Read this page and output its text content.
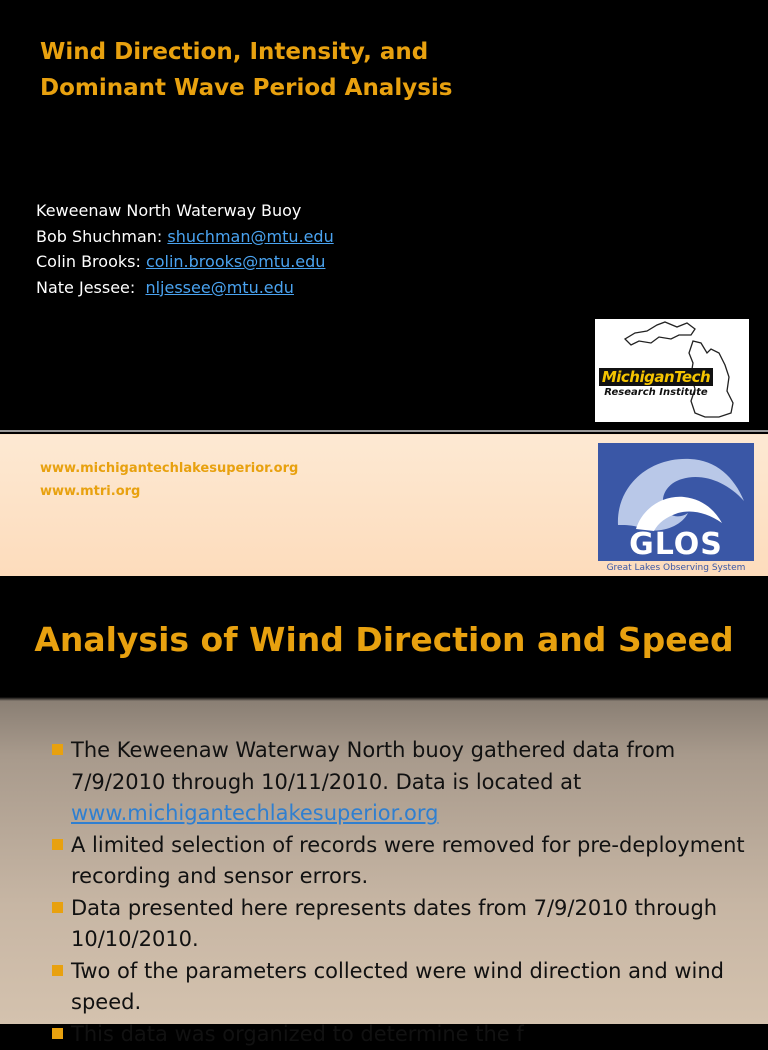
Wind Direction, Intensity, and
Dominant Wave Period Analysis
Keweenaw North Waterway Buoy
Bob Shuchman: shuchman@mtu.edu
Colin Brooks: colin.brooks@mtu.edu
Nate Jessee:  nljessee@mtu.edu
MichiganTech
Research Institute
www.michigantechlakesuperior.org
www.mtri.org
GLOS
Great Lakes Observing System
Analysis of Wind Direction and Speed
The Keweenaw Waterway North buoy gathered data from 7/9/2010 through 10/11/2010. Data is located at www.michigantechlakesuperior.org
A limited selection of records were removed for pre-deployment recording and sensor errors.
Data presented here represents dates from 7/9/2010 through 10/10/2010.
Two of the parameters collected were wind direction and wind speed.
This data was organized to determine the f
